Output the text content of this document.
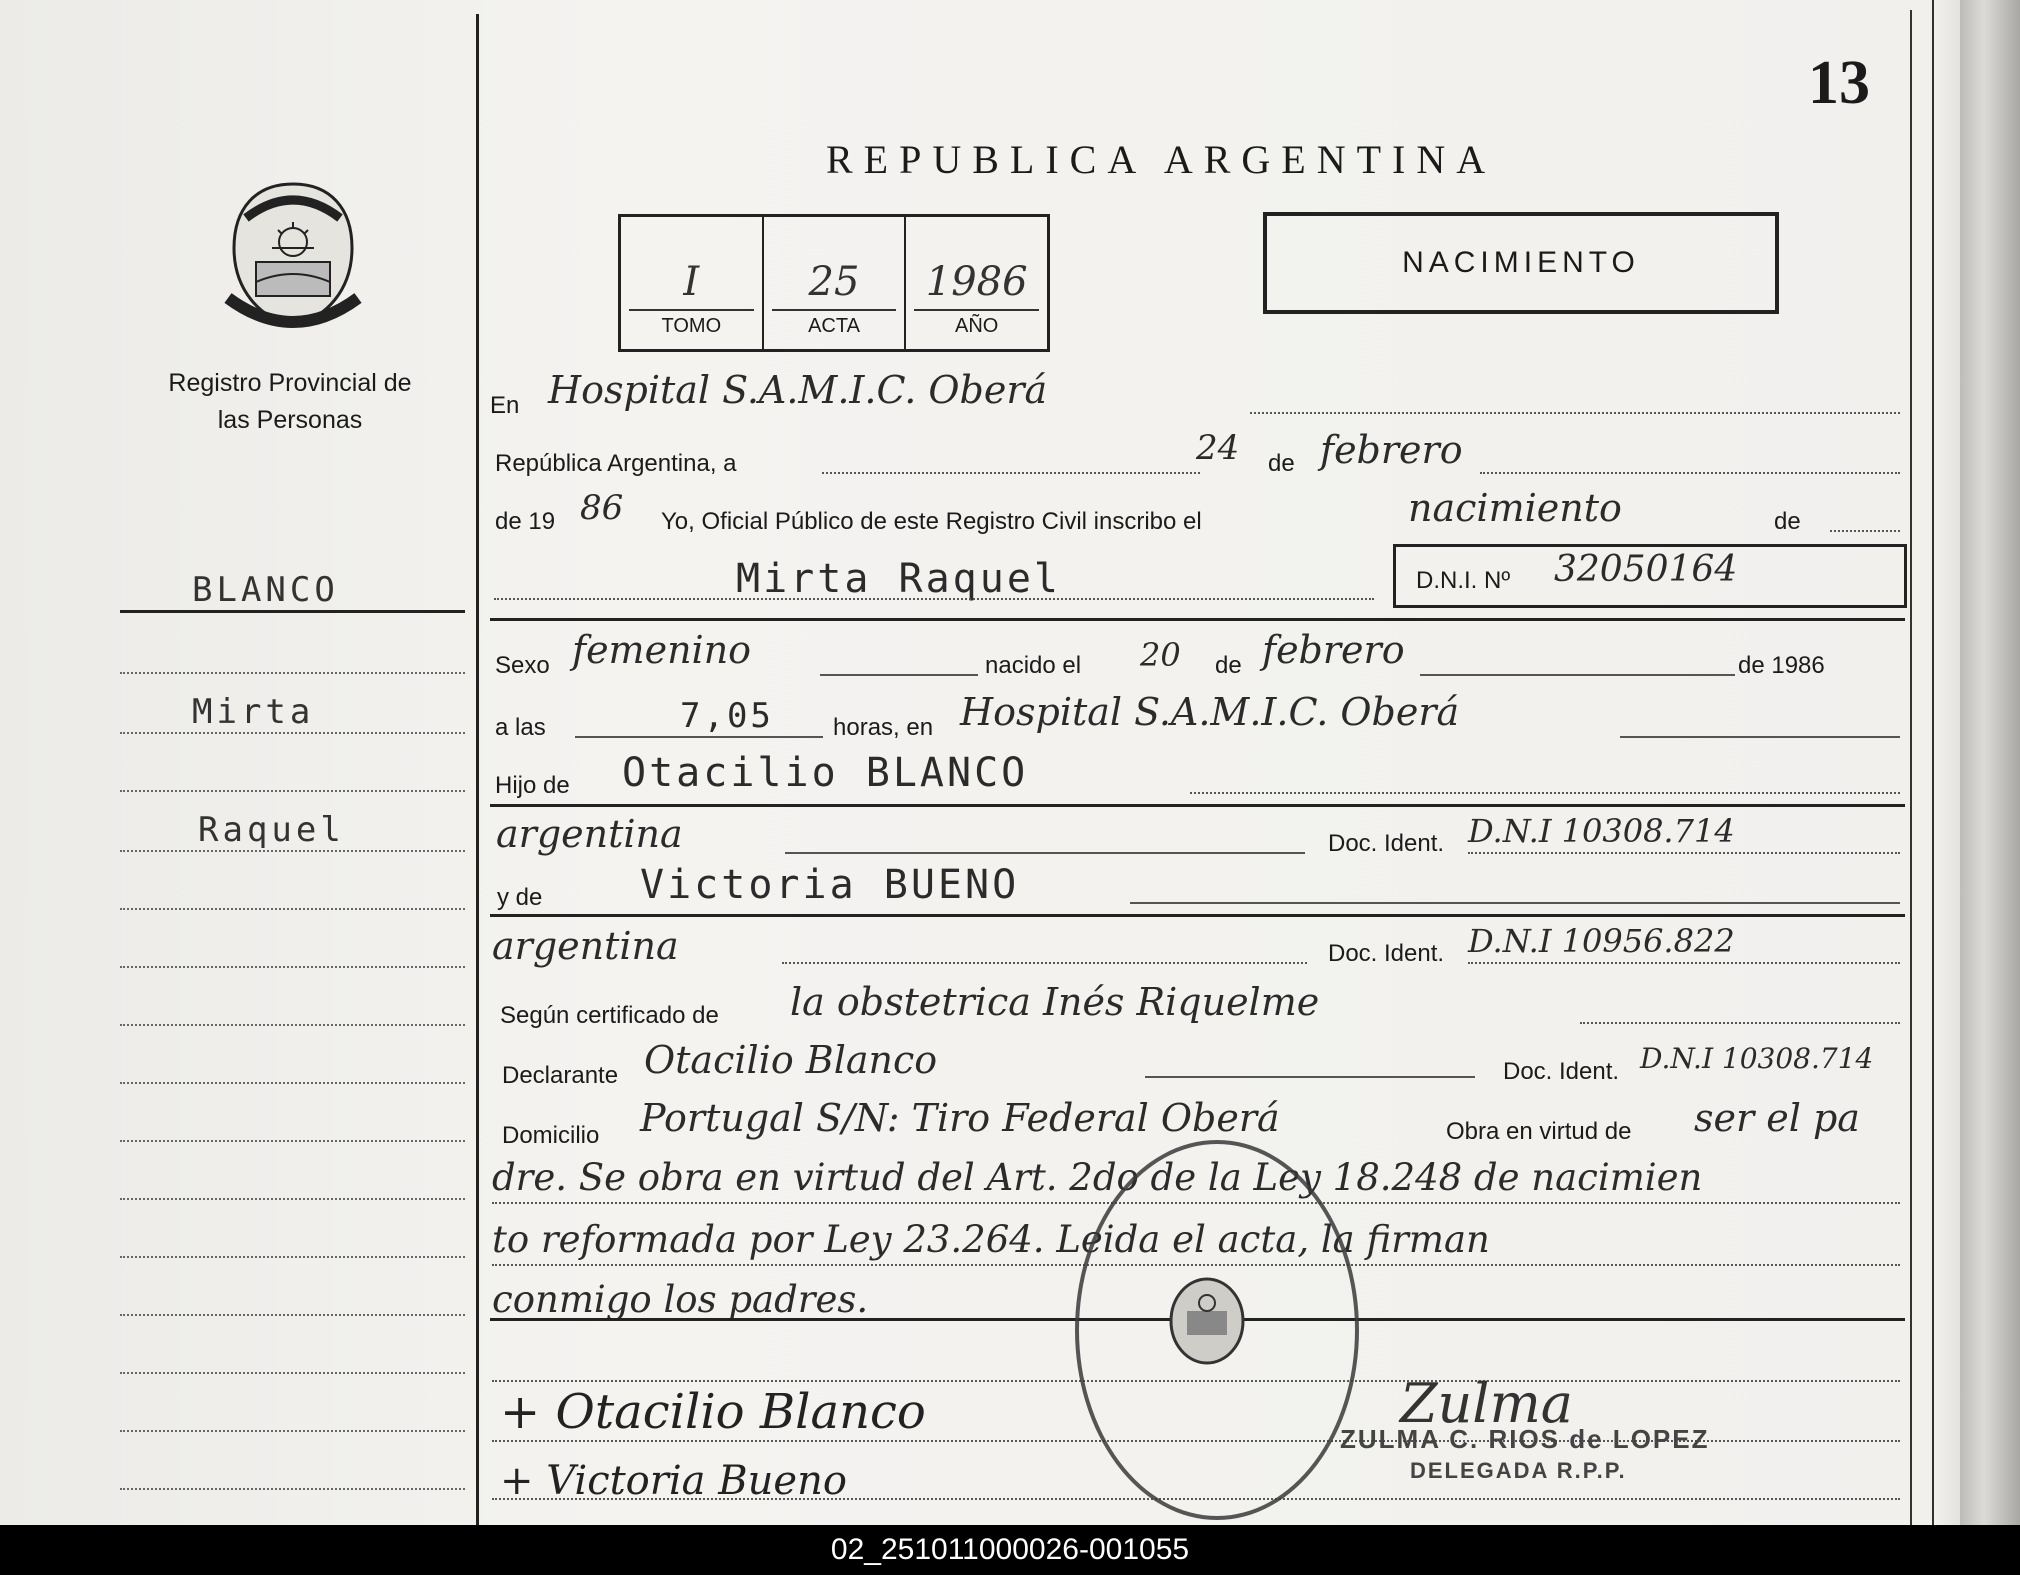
13
REPUBLICA ARGENTINA
I
TOMO
25
ACTA
1986
AÑO
NACIMIENTO
Registro Provincial de las Personas
BLANCO
Mirta
Raquel
En Hospital S.A.M.I.C. Oberá
República Argentina, a	24 de febrero
de 19 86 Yo, Oficial Público de este Registro Civil inscribo el	nacimiento	de
Mirta Raquel	D.N.I. Nº 32050164
Sexo femenino	nacido el 20 de febrero	de 1986
a las	7,05 horas, en Hospital S.A.M.I.C. Oberá
Hijo de Otacilio BLANCO
argentina	Doc. Ident. D.N.I 10308.714
y de Victoria BUENO
argentina	Doc. Ident. D.N.I 10956.822
Según certificado de la obstetrica Inés Riquelme
Declarante Otacilio Blanco	Doc. Ident. D.N.I 10308.714
Domicilio Portugal S/N: Tiro Federal Oberá	Obra en virtud de ser el pa
dre. Se obra en virtud del Art. 2do de la Ley 18.248 de nacimien
to reformada por Ley 23.264. Leida el acta, la firman
conmigo los padres.
+ Otacilio Blanco
+ Victoria Bueno
Zulma
ZULMA C. RIOS de LOPEZ
DELEGADA R.P.P.
02_251011000026-001055
